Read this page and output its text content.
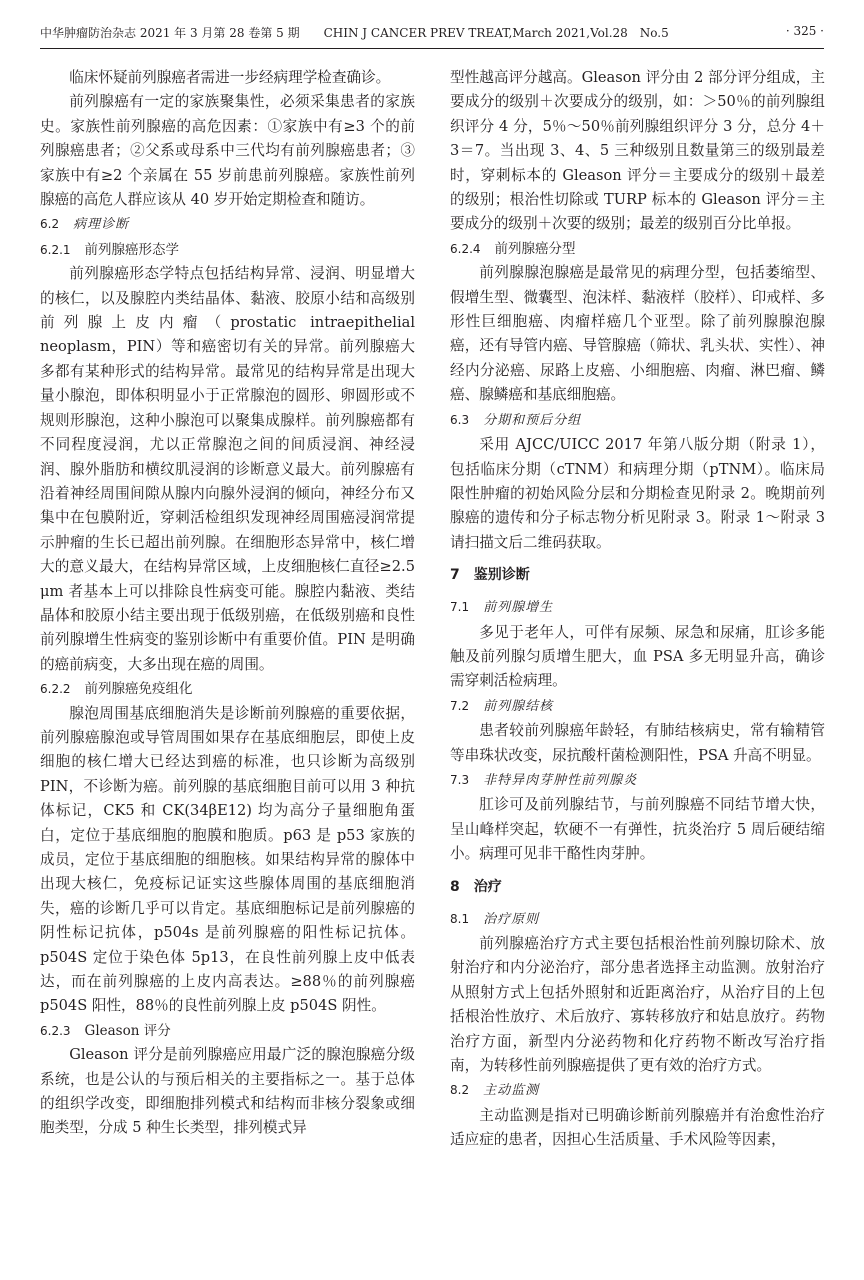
中华肿瘤防治杂志 2021 年 3 月第 28 卷第 5 期　　CHIN J CANCER PREV TREAT,March 2021,Vol.28　No.5	· 325 ·

临床怀疑前列腺癌者需进一步经病理学检查确诊。

前列腺癌有一定的家族聚集性，必须采集患者的家族史。家族性前列腺癌的高危因素：①家族中有≥3 个的前列腺癌患者；②父系或母系中三代均有前列腺癌患者；③家族中有≥2 个亲属在 55 岁前患前列腺癌。家族性前列腺癌的高危人群应该从 40 岁开始定期检查和随访。

6.2 病理诊断
6.2.1 前列腺癌形态学

前列腺癌形态学特点包括结构异常、浸润、明显增大的核仁，以及腺腔内类结晶体、黏液、胶原小结和高级别前列腺上皮内瘤（prostatic intraepithelial neoplasm，PIN）等和癌密切有关的异常。前列腺癌大多都有某种形式的结构异常。最常见的结构异常是出现大量小腺泡，即体积明显小于正常腺泡的圆形、卵圆形或不规则形腺泡，这种小腺泡可以聚集成腺样。前列腺癌都有不同程度浸润，尤以正常腺泡之间的间质浸润、神经浸润、腺外脂肪和横纹肌浸润的诊断意义最大。前列腺癌有沿着神经周围间隙从腺内向腺外浸润的倾向，神经分布又集中在包膜附近，穿刺活检组织发现神经周围癌浸润常提示肿瘤的生长已超出前列腺。在细胞形态异常中，核仁增大的意义最大，在结构异常区域，上皮细胞核仁直径≥2.5 μm 者基本上可以排除良性病变可能。腺腔内黏液、类结晶体和胶原小结主要出现于低级别癌，在低级别癌和良性前列腺增生性病变的鉴别诊断中有重要价值。PIN 是明确的癌前病变，大多出现在癌的周围。

6.2.2 前列腺癌免疫组化

腺泡周围基底细胞消失是诊断前列腺癌的重要依据，前列腺癌腺泡或导管周围如果存在基底细胞层，即使上皮细胞的核仁增大已经达到癌的标准，也只诊断为高级别 PIN，不诊断为癌。前列腺的基底细胞目前可以用 3 种抗体标记，CK5 和 CK(34βE12) 均为高分子量细胞角蛋白，定位于基底细胞的胞膜和胞质。p63 是 p53 家族的成员，定位于基底细胞的细胞核。如果结构异常的腺体中出现大核仁，免疫标记证实这些腺体周围的基底细胞消失，癌的诊断几乎可以肯定。基底细胞标记是前列腺癌的阴性标记抗体，p504s 是前列腺癌的阳性标记抗体。p504S 定位于染色体 5p13，在良性前列腺上皮中低表达，而在前列腺癌的上皮内高表达。≥88％的前列腺癌 p504S 阳性，88％的良性前列腺上皮 p504S 阴性。

6.2.3 Gleason 评分

Gleason 评分是前列腺癌应用最广泛的腺泡腺癌分级系统，也是公认的与预后相关的主要指标之一。基于总体的组织学改变，即细胞排列模式和结构而非核分裂象或细胞类型，分成 5 种生长类型，排列模式异

型性越高评分越高。Gleason 评分由 2 部分评分组成，主要成分的级别＋次要成分的级别，如：＞50％的前列腺组织评分 4 分，5％～50％前列腺组织评分 3 分，总分 4＋3＝7。当出现 3、4、5 三种级别且数量第三的级别最差时，穿刺标本的 Gleason 评分＝主要成分的级别＋最差的级别；根治性切除或 TURP 标本的 Gleason 评分＝主要成分的级别＋次要的级别；最差的级别百分比单报。

6.2.4 前列腺癌分型

前列腺腺泡腺癌是最常见的病理分型，包括萎缩型、假增生型、微囊型、泡沫样、黏液样（胶样）、印戒样、多形性巨细胞癌、肉瘤样癌几个亚型。除了前列腺腺泡腺癌，还有导管内癌、导管腺癌（筛状、乳头状、实性）、神经内分泌癌、尿路上皮癌、小细胞癌、肉瘤、淋巴瘤、鳞癌、腺鳞癌和基底细胞癌。

6.3 分期和预后分组

采用 AJCC/UICC 2017 年第八版分期（附录 1），包括临床分期（cTNM）和病理分期（pTNM）。临床局限性肿瘤的初始风险分层和分期检查见附录 2。晚期前列腺癌的遗传和分子标志物分析见附录 3。附录 1～附录 3 请扫描文后二维码获取。

7 鉴别诊断
7.1 前列腺增生

多见于老年人，可伴有尿频、尿急和尿痛，肛诊多能触及前列腺匀质增生肥大，血 PSA 多无明显升高，确诊需穿刺活检病理。

7.2 前列腺结核

患者较前列腺癌年龄轻，有肺结核病史，常有输精管等串珠状改变，尿抗酸杆菌检测阳性，PSA 升高不明显。

7.3 非特异肉芽肿性前列腺炎

肛诊可及前列腺结节，与前列腺癌不同结节增大快，呈山峰样突起，软硬不一有弹性，抗炎治疗 5 周后硬结缩小。病理可见非干酪性肉芽肿。

8 治疗
8.1 治疗原则

前列腺癌治疗方式主要包括根治性前列腺切除术、放射治疗和内分泌治疗，部分患者选择主动监测。放射治疗从照射方式上包括外照射和近距离治疗，从治疗目的上包括根治性放疗、术后放疗、寡转移放疗和姑息放疗。药物治疗方面，新型内分泌药物和化疗药物不断改写治疗指南，为转移性前列腺癌提供了更有效的治疗方式。

8.2 主动监测

主动监测是指对已明确诊断前列腺癌并有治愈性治疗适应症的患者，因担心生活质量、手术风险等因素，
